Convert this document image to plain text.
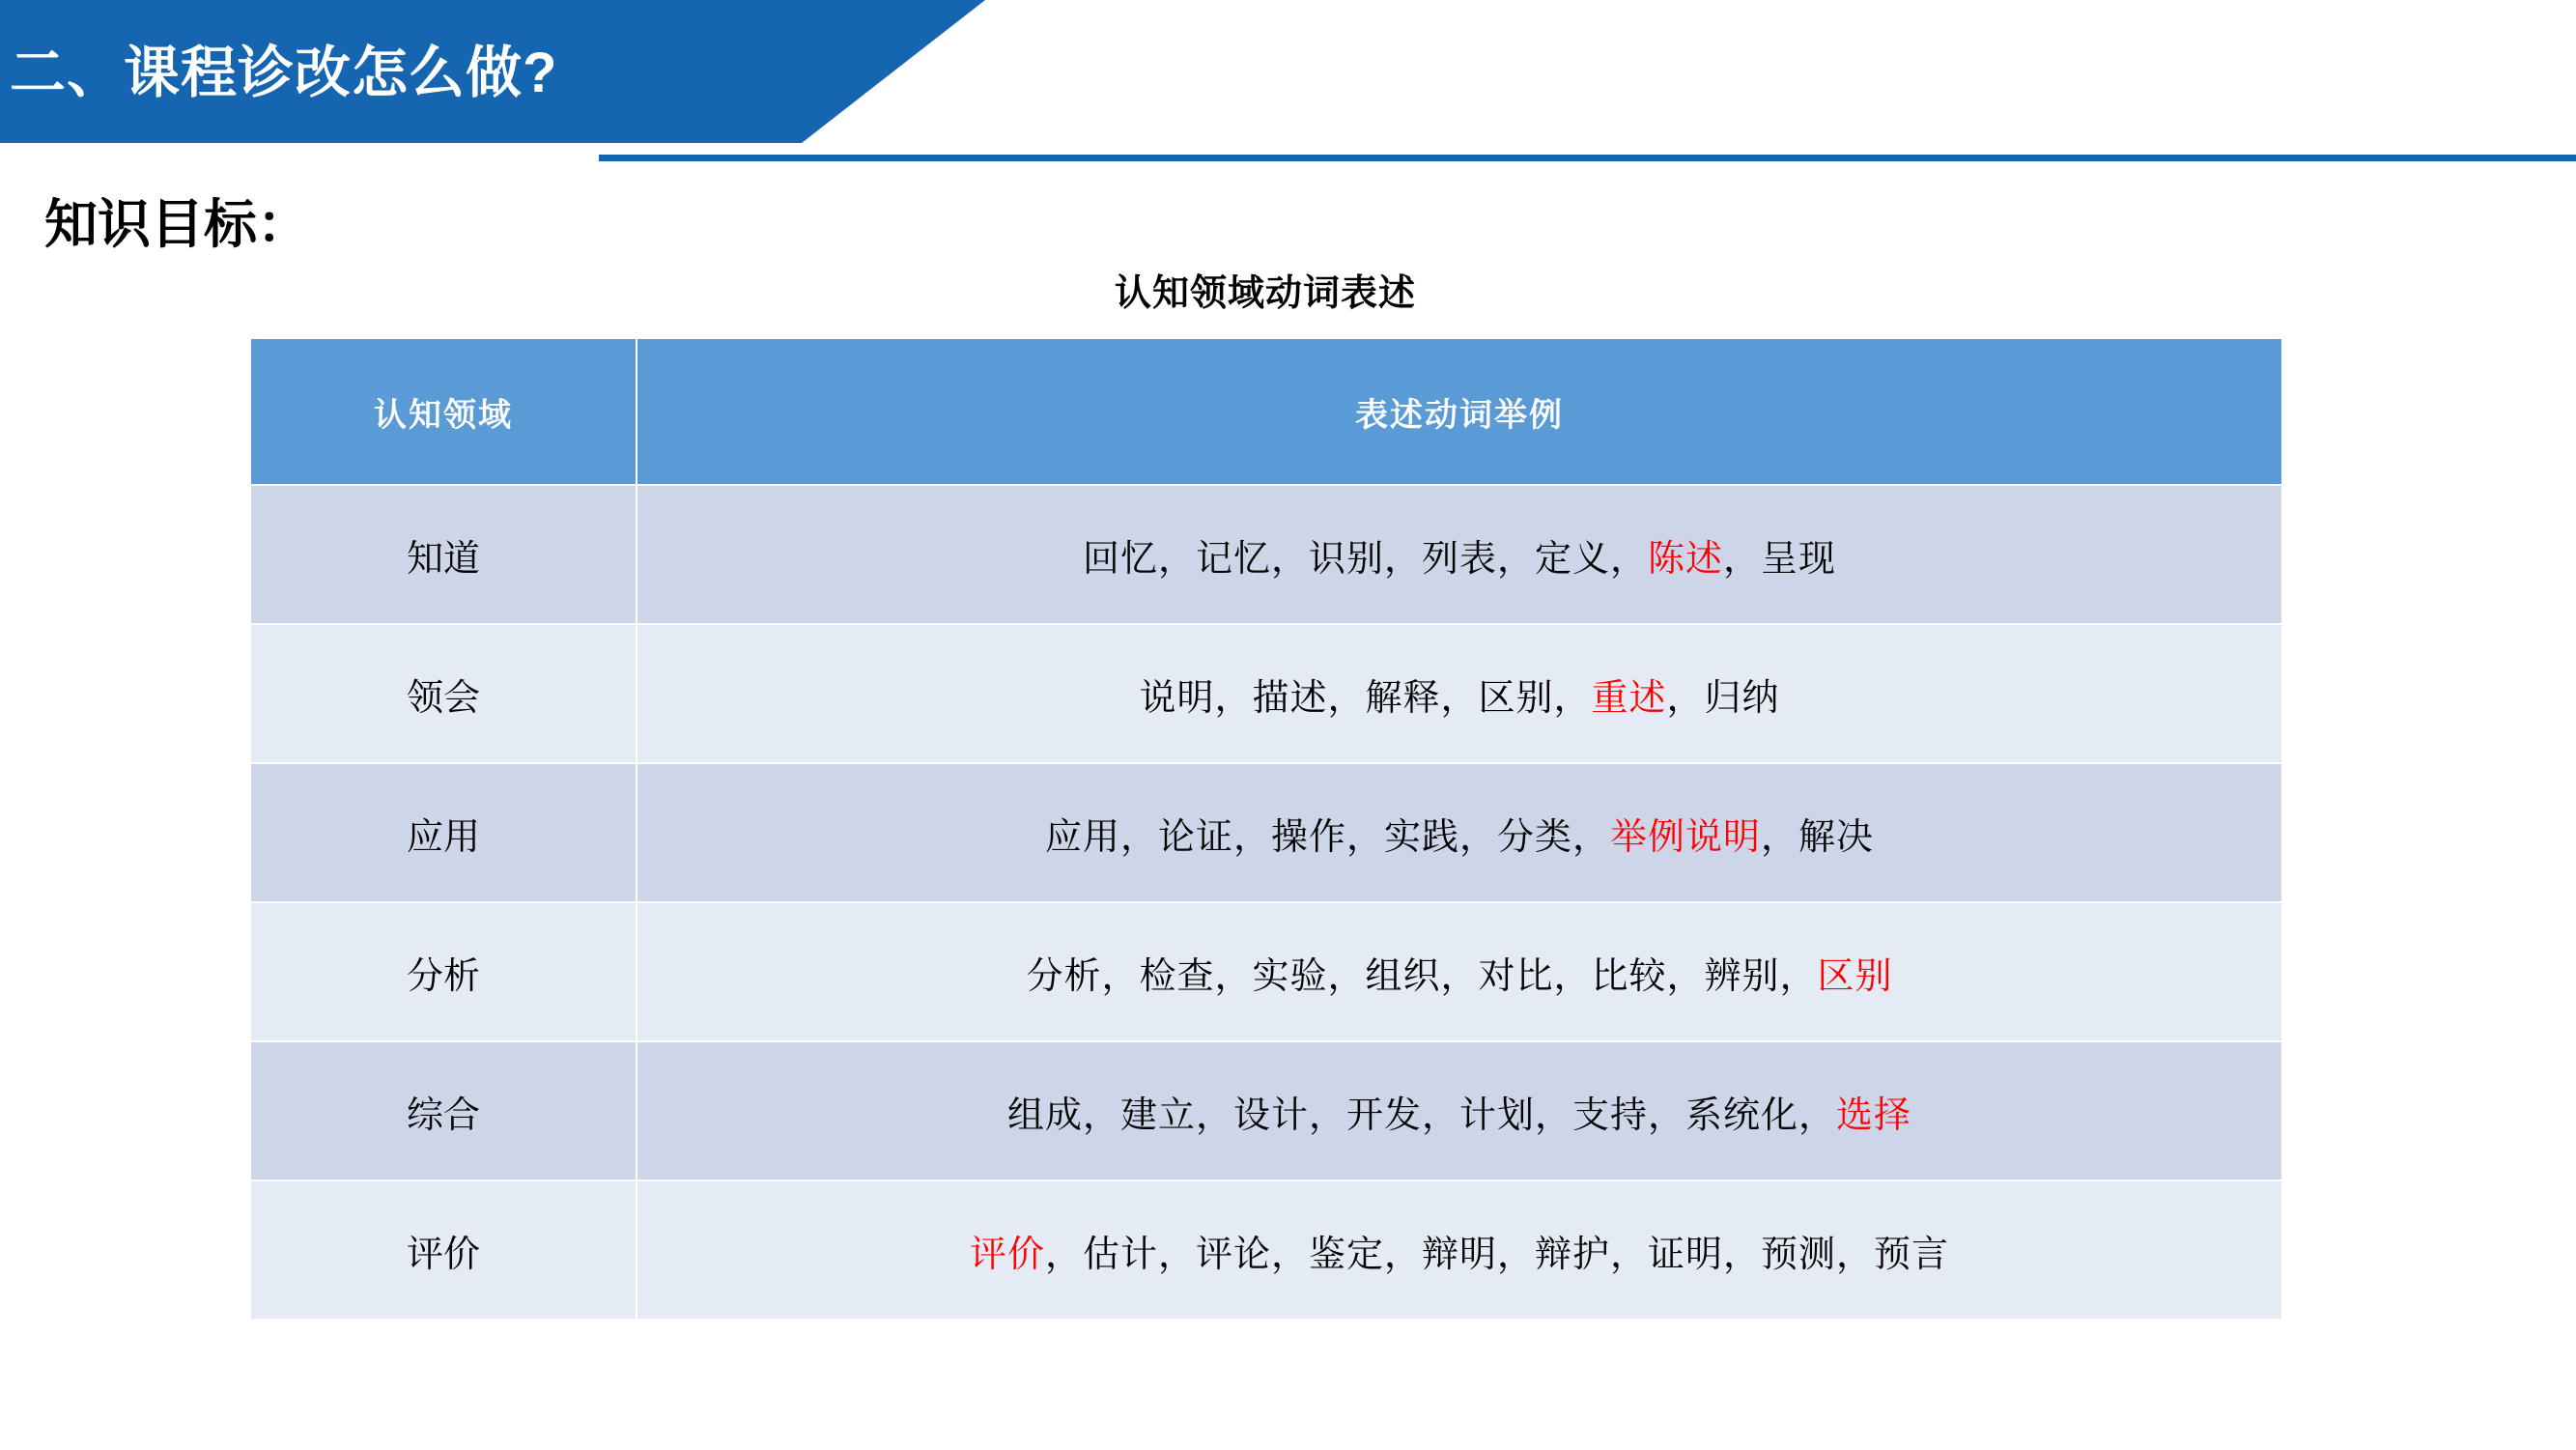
二、课程诊改怎么做?
知识目标：
认知领域动词表述
认知领域	表述动词举例
知道	回忆，记忆，识别，列表，定义，陈述，呈现
领会	说明，描述，解释，区别，重述，归纳
应用	应用，论证，操作，实践，分类，举例说明，解决
分析	分析，检查，实验，组织，对比，比较，辨别，区别
综合	组成，建立，设计，开发，计划，支持，系统化，选择
评价	评价，估计，评论，鉴定，辩明，辩护，证明，预测，预言
